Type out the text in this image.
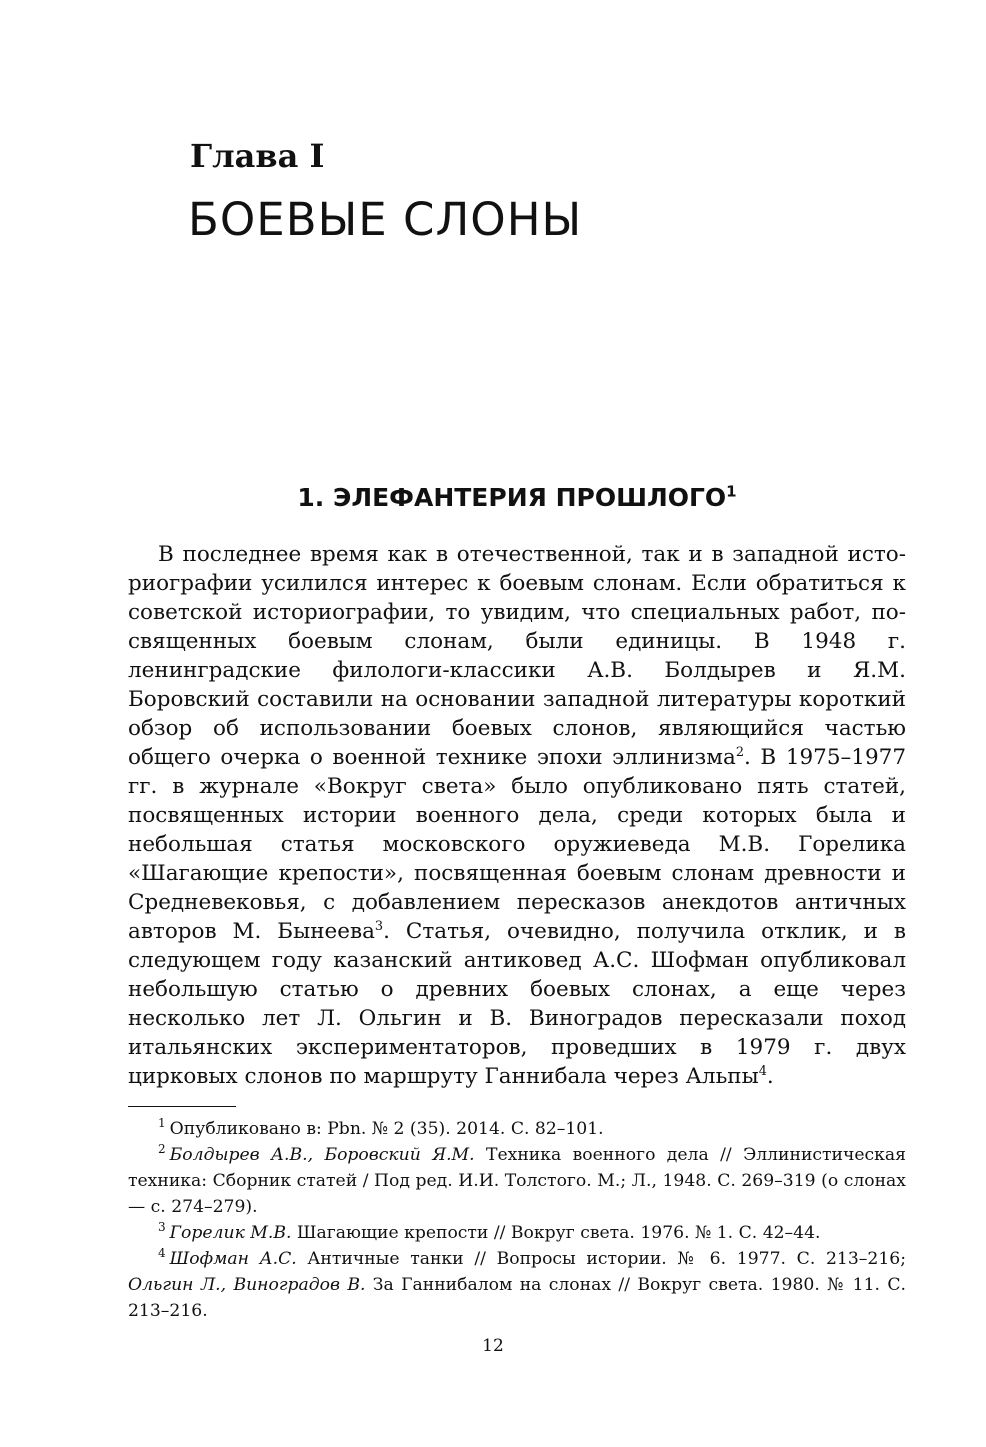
Глава I
БОЕВЫЕ СЛОНЫ
1. ЭЛЕФАНТЕРИЯ ПРОШЛОГО$^1$

В последнее время как в отечественной, так и в западной историографии усилился интерес к боевым слонам. Если обратиться к советской историографии, то увидим, что специальных работ, посвященных боевым слонам, были единицы. В 1948 г. ленинградские филологи-классики А.В. Болдырев и Я.М. Боровский составили на основании западной литературы короткий обзор об использовании боевых слонов, являющийся частью общего очерка о военной технике эпохи эллинизма$^2$. В 1975–1977 гг. в журнале «Вокруг света» было опубликовано пять статей, посвященных истории военного дела, среди которых была и небольшая статья московского оружиеведа М.В. Горелика «Шагающие крепости», посвященная боевым слонам древности и Средневековья, с добавлением пересказов анекдотов античных авторов М. Бынеева$^3$. Статья, очевидно, получила отклик, и в следующем году казанский антиковед А.С. Шофман опубликовал небольшую статью о древних боевых слонах, а еще через несколько лет Л. Ольгин и В. Виноградов пересказали поход итальянских экспериментаторов, проведших в 1979 г. двух цирковых слонов по маршруту Ганнибала через Альпы$^4$.

$^1$ Опубликовано в: Pbn. № 2 (35). 2014. С. 82–101.

$^2$ Болдырев А.В., Боровский Я.М. Техника военного дела // Эллинистическая техника: Сборник статей / Под ред. И.И. Толстого. М.; Л., 1948. С. 269–319 (о слонах — с. 274–279).

$^3$ Горелик М.В. Шагающие крепости // Вокруг света. 1976. № 1. С. 42–44.

$^4$ Шофман А.С. Античные танки // Вопросы истории. № 6. 1977. С. 213–216; Ольгин Л., Виноградов В. За Ганнибалом на слонах // Вокруг света. 1980. № 11. С. 213–216.

12
